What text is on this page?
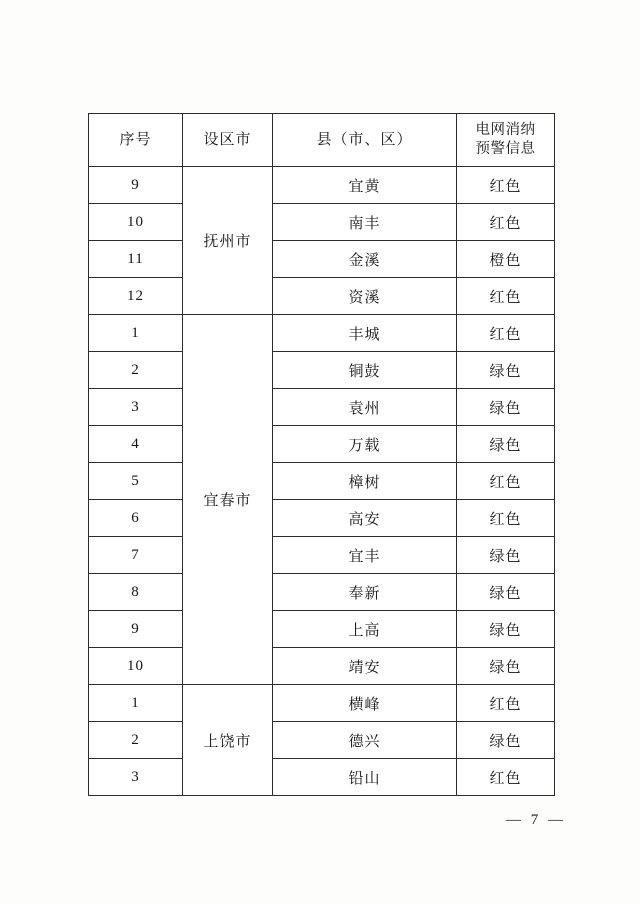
序号	设区市	县（市、区）	电网消纳
预警信息

9	抚州市	宜黄	红色
10		南丰	红色
11		金溪	橙色
12		资溪	红色
1	宜春市	丰城	红色
2		铜鼓	绿色
3		袁州	绿色
4		万载	绿色
5		樟树	红色
6		高安	红色
7		宜丰	绿色
8		奉新	绿色
9		上高	绿色
10		靖安	绿色
1	上饶市	横峰	红色
2		德兴	绿色
3		铅山	红色
— 7 —
